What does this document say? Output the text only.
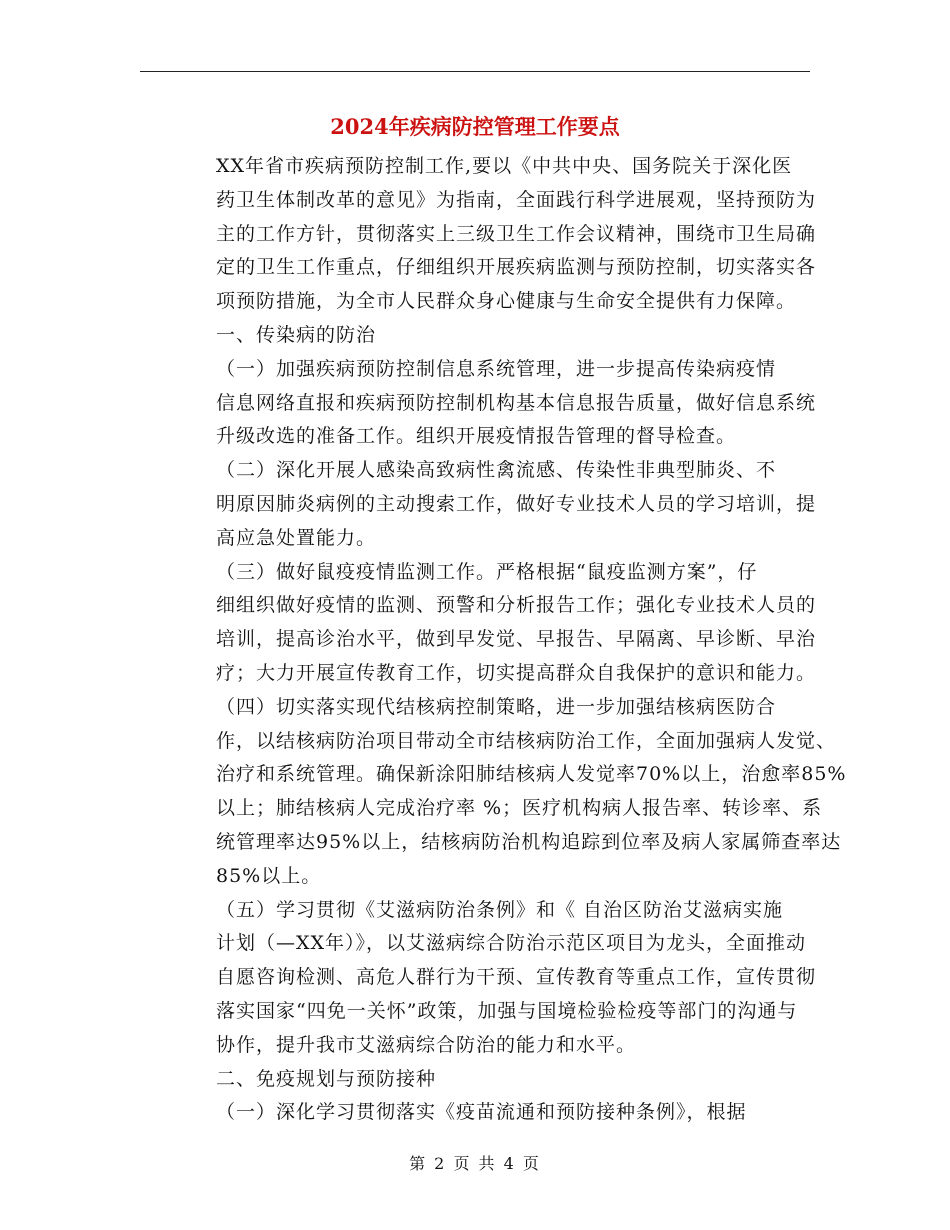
2024年疾病防控管理工作要点

XX年省市疾病预防控制工作,要以《中共中央、国务院关于深化医
药卫生体制改革的意见》为指南，全面践行科学进展观，坚持预防为
主的工作方针，贯彻落实上三级卫生工作会议精神，围绕市卫生局确
定的卫生工作重点，仔细组织开展疾病监测与预防控制，切实落实各
项预防措施，为全市人民群众身心健康与生命安全提供有力保障。

一、传染病的防治

（一）加强疾病预防控制信息系统管理，进一步提高传染病疫情
信息网络直报和疾病预防控制机构基本信息报告质量，做好信息系统
升级改选的准备工作。组织开展疫情报告管理的督导检查。

（二）深化开展人感染高致病性禽流感、传染性非典型肺炎、不
明原因肺炎病例的主动搜索工作，做好专业技术人员的学习培训，提
高应急处置能力。

（三）做好鼠疫疫情监测工作。严格根据“鼠疫监测方案”，仔
细组织做好疫情的监测、预警和分析报告工作；强化专业技术人员的
培训，提高诊治水平，做到早发觉、早报告、早隔离、早诊断、早治
疗；大力开展宣传教育工作，切实提高群众自我保护的意识和能力。

（四）切实落实现代结核病控制策略，进一步加强结核病医防合
作，以结核病防治项目带动全市结核病防治工作，全面加强病人发觉、
治疗和系统管理。确保新涂阳肺结核病人发觉率70%以上，治愈率85%
以上；肺结核病人完成治疗率 %；医疗机构病人报告率、转诊率、系
统管理率达95%以上，结核病防治机构追踪到位率及病人家属筛查率达
85%以上。

（五）学习贯彻《艾滋病防治条例》和《 自治区防治艾滋病实施
计划（—XX年）》，以艾滋病综合防治示范区项目为龙头，全面推动
自愿咨询检测、高危人群行为干预、宣传教育等重点工作，宣传贯彻
落实国家“四免一关怀”政策，加强与国境检验检疫等部门的沟通与
协作，提升我市艾滋病综合防治的能力和水平。

二、免疫规划与预防接种

（一）深化学习贯彻落实《疫苗流通和预防接种条例》，根据

第 2 页 共 4 页
